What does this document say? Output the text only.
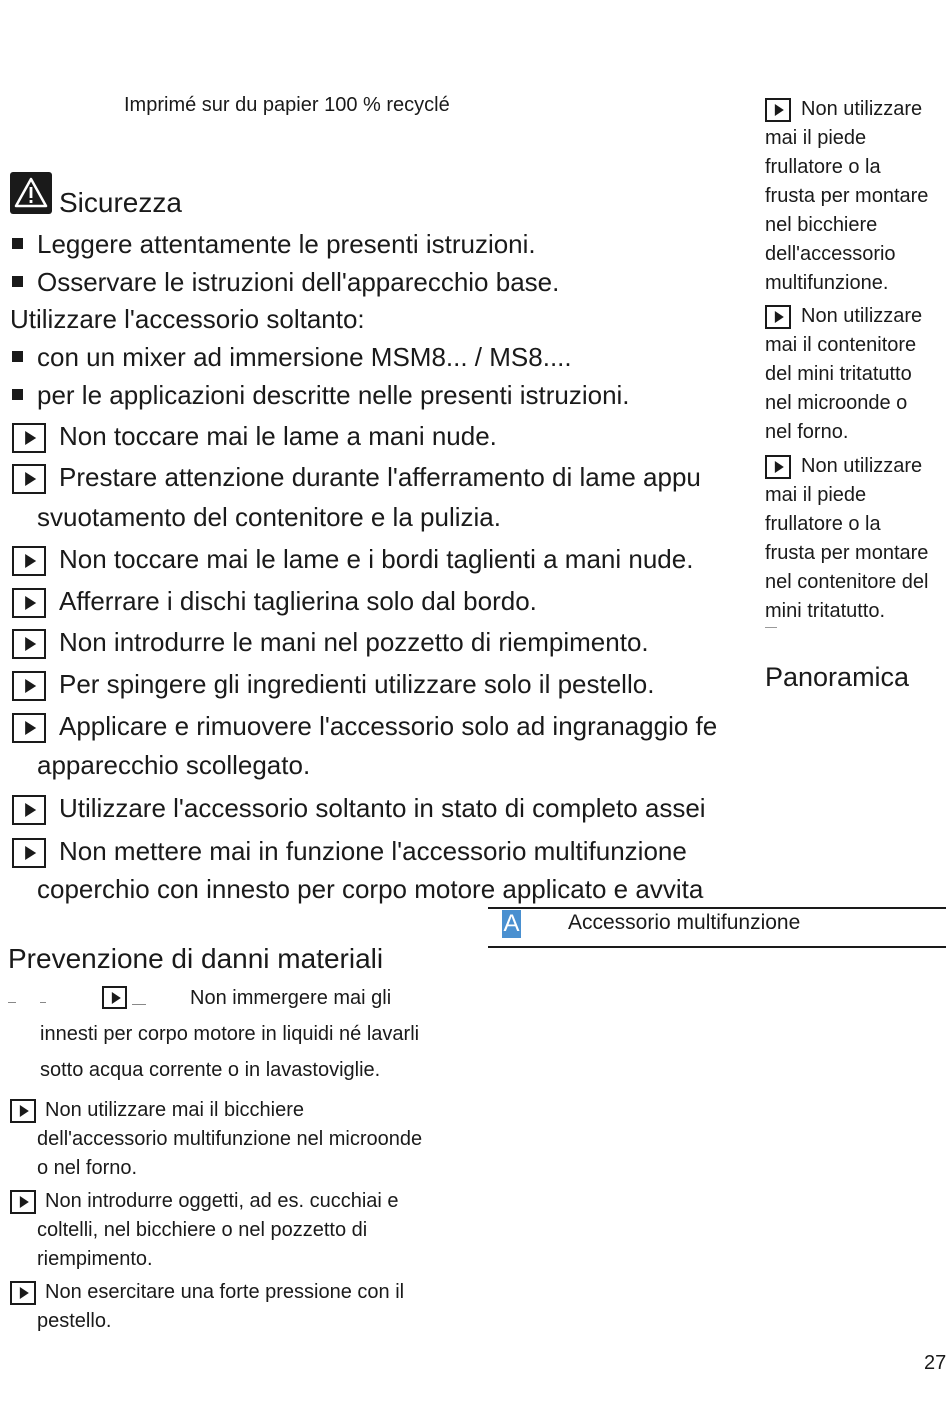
Imprimé sur du papier 100 % recyclé
Sicurezza
Leggere attentamente le presenti istruzioni.
Osservare le istruzioni dell'apparecchio base.
Utilizzare l'accessorio soltanto:
con un mixer ad immersione MSM8... / MS8....
per le applicazioni descritte nelle presenti istruzioni.
Non toccare mai le lame a mani nude.
Prestare attenzione durante l'afferramento di lame appu
svuotamento del contenitore e la pulizia.
Non toccare mai le lame e i bordi taglienti a mani nude.
Afferrare i dischi taglierina solo dal bordo.
Non introdurre le mani nel pozzetto di riempimento.
Per spingere gli ingredienti utilizzare solo il pestello.
Applicare e rimuovere l'accessorio solo ad ingranaggio fe
apparecchio scollegato.
Utilizzare l'accessorio soltanto in stato di completo assei
Non mettere mai in funzione l'accessorio multifunzione
coperchio con innesto per corpo motore applicato e avvita
Prevenzione di danni materiali
Non immergere mai gli
innesti per corpo motore in liquidi né lavarli
sotto acqua corrente o in lavastoviglie.
Non utilizzare mai il bicchiere
dell'accessorio multifunzione nel microonde
o nel forno.
Non introdurre oggetti, ad es. cucchiai e
coltelli, nel bicchiere o nel pozzetto di
riempimento.
Non esercitare una forte pressione con il
pestello.
Non utilizzare
mai il piede
frullatore o la
frusta per montare
nel bicchiere
dell'accessorio
multifunzione.
Non utilizzare
mai il contenitore
del mini tritatutto
nel microonde o
nel forno.
Non utilizzare
mai il piede
frullatore o la
frusta per montare
nel contenitore del
mini tritatutto.
Panoramica
A Accessorio multifunzione
27
